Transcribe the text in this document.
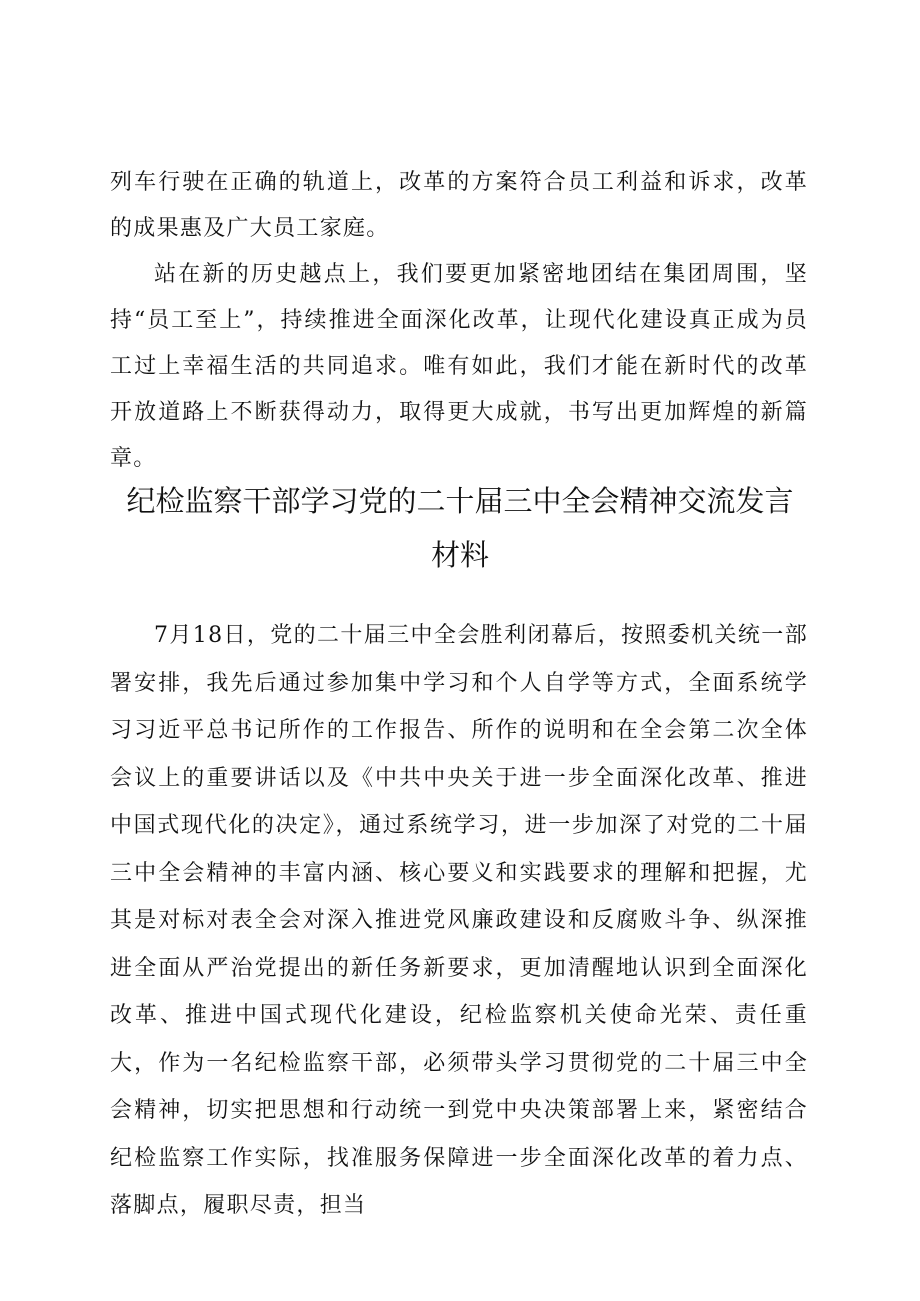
列车行驶在正确的轨道上，改革的方案符合员工利益和诉求，改革的成果惠及广大员工家庭。

站在新的历史越点上，我们要更加紧密地团结在集团周围，坚持“员工至上”，持续推进全面深化改革，让现代化建设真正成为员工过上幸福生活的共同追求。唯有如此，我们才能在新时代的改革开放道路上不断获得动力，取得更大成就，书写出更加辉煌的新篇章。

纪检监察干部学习党的二十届三中全会精神交流发言材料

7月18日，党的二十届三中全会胜利闭幕后，按照委机关统一部署安排，我先后通过参加集中学习和个人自学等方式，全面系统学习习近平总书记所作的工作报告、所作的说明和在全会第二次全体会议上的重要讲话以及《中共中央关于进一步全面深化改革、推进中国式现代化的决定》，通过系统学习，进一步加深了对党的二十届三中全会精神的丰富内涵、核心要义和实践要求的理解和把握，尤其是对标对表全会对深入推进党风廉政建设和反腐败斗争、纵深推进全面从严治党提出的新任务新要求，更加清醒地认识到全面深化改革、推进中国式现代化建设，纪检监察机关使命光荣、责任重大，作为一名纪检监察干部，必须带头学习贯彻党的二十届三中全会精神，切实把思想和行动统一到党中央决策部署上来，紧密结合纪检监察工作实际，找准服务保障进一步全面深化改革的着力点、落脚点，履职尽责，担当
